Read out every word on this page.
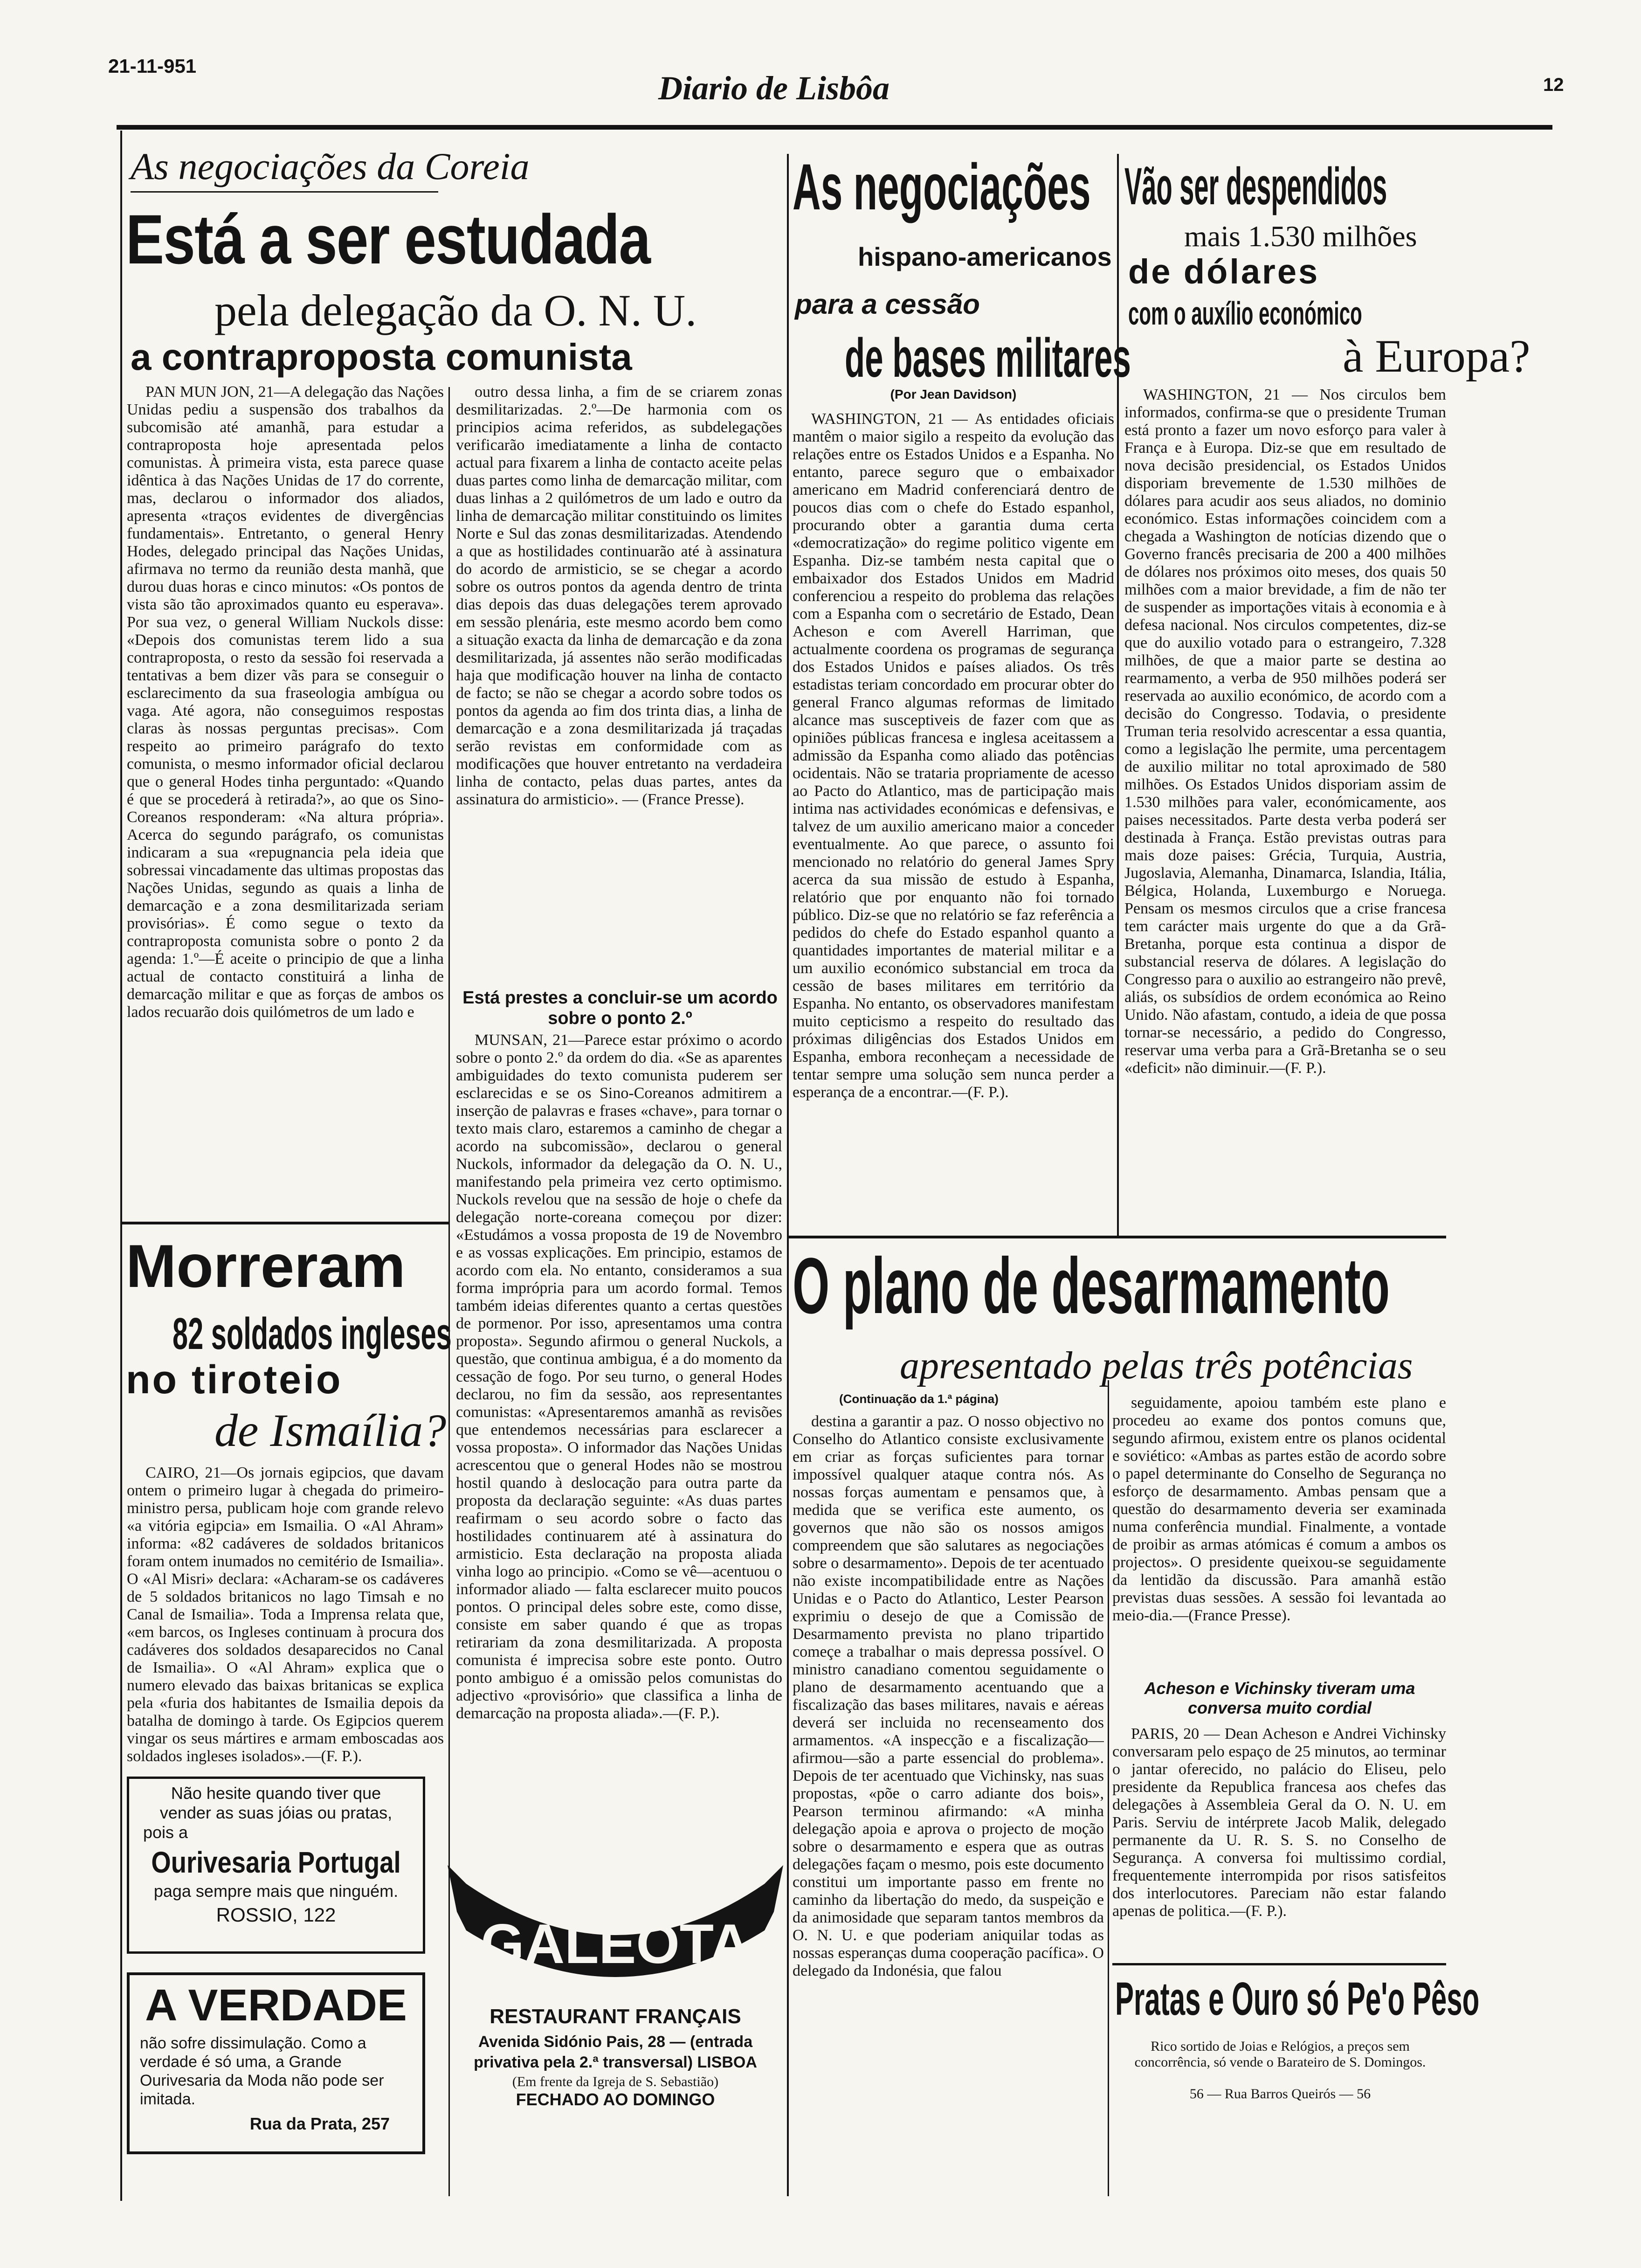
21-11-951
Diario de Lisbôa	12
As negociações da Coreia
Está a ser estudada
pela delegação da O. N. U.
a contraproposta comunista

PAN MUN JON, 21—A delegação das Nações Unidas pediu a suspensão dos trabalhos da subcomisão até amanhã, para estudar a contraproposta hoje apresentada pelos comunistas. À primeira vista, esta parece quase idêntica à das Nações Unidas de 17 do corrente, mas, declarou o informador dos aliados, apresenta «traços evidentes de divergências fundamentais». Entretanto, o general Henry Hodes, delegado principal das Nações Unidas, afirmava no termo da reunião desta manhã, que durou duas horas e cinco minutos: «Os pontos de vista são tão aproximados quanto eu esperava». Por sua vez, o general William Nuckols disse: «Depois dos comunistas terem lido a sua contraproposta, o resto da sessão foi reservada a tentativas a bem dizer vãs para se conseguir o esclarecimento da sua fraseologia ambígua ou vaga. Até agora, não conseguimos respostas claras às nossas perguntas precisas». Com respeito ao primeiro parágrafo do texto comunista, o mesmo informador oficial declarou que o general Hodes tinha perguntado: «Quando é que se procederá à retirada?», ao que os Sino-Coreanos responderam: «Na altura própria». Acerca do segundo parágrafo, os comunistas indicaram a sua «repugnancia pela ideia que sobressai vincadamente das ultimas propostas das Nações Unidas, segundo as quais a linha de demarcação e a zona desmilitarizada seriam provisórias». É como segue o texto da contraproposta comunista sobre o ponto 2 da agenda: 1.º—É aceite o principio de que a linha actual de contacto constituirá a linha de demarcação militar e que as forças de ambos os lados recuarão dois quilómetros de um lado e

outro dessa linha, a fim de se criarem zonas desmilitarizadas. 2.º—De harmonia com os principios acima referidos, as subdelegações verificarão imediatamente a linha de contacto actual para fixarem a linha de contacto aceite pelas duas partes como linha de demarcação militar, com duas linhas a 2 quilómetros de um lado e outro da linha de demarcação militar constituindo os limites Norte e Sul das zonas desmilitarizadas. Atendendo a que as hostilidades continuarão até à assinatura do acordo de armisticio, se se chegar a acordo sobre os outros pontos da agenda dentro de trinta dias depois das duas delegações terem aprovado em sessão plenária, este mesmo acordo bem como a situação exacta da linha de demarcação e da zona desmilitarizada, já assentes não serão modificadas haja que modificação houver na linha de contacto de facto; se não se chegar a acordo sobre todos os pontos da agenda ao fim dos trinta dias, a linha de demarcação e a zona desmilitarizada já traçadas serão revistas em conformidade com as modificações que houver entretanto na verdadeira linha de contacto, pelas duas partes, antes da assinatura do armisticio». — (France Presse).

Está prestes a concluir-se um acordo sobre o ponto 2.º

MUNSAN, 21—Parece estar próximo o acordo sobre o ponto 2.º da ordem do dia. «Se as aparentes ambiguidades do texto comunista puderem ser esclarecidas e se os Sino-Coreanos admitirem a inserção de palavras e frases «chave», para tornar o texto mais claro, estaremos a caminho de chegar a acordo na subcomissão», declarou o general Nuckols, informador da delegação da O. N. U., manifestando pela primeira vez certo optimismo. Nuckols revelou que na sessão de hoje o chefe da delegação norte-coreana começou por dizer: «Estudámos a vossa proposta de 19 de Novembro e as vossas explicações. Em principio, estamos de acordo com ela. No entanto, consideramos a sua forma imprópria para um acordo formal. Temos também ideias diferentes quanto a certas questões de pormenor. Por isso, apresentamos uma contra proposta». Segundo afirmou o general Nuckols, a questão, que continua ambigua, é a do momento da cessação de fogo. Por seu turno, o general Hodes declarou, no fim da sessão, aos representantes comunistas: «Apresentaremos amanhã as revisões que entendemos necessárias para esclarecer a vossa proposta». O informador das Nações Unidas acrescentou que o general Hodes não se mostrou hostil quando à deslocação para outra parte da proposta da declaração seguinte: «As duas partes reafirmam o seu acordo sobre o facto das hostilidades continuarem até à assinatura do armisticio. Esta declaração na proposta aliada vinha logo ao principio. «Como se vê—acentuou o informador aliado — falta esclarecer muito poucos pontos. O principal deles sobre este, como disse, consiste em saber quando é que as tropas retirariam da zona desmilitarizada. A proposta comunista é imprecisa sobre este ponto. Outro ponto ambiguo é a omissão pelos comunistas do adjectivo «provisório» que classifica a linha de demarcação na proposta aliada».—(F. P.).

Morreram
82 soldados ingleses
no tiroteio
de Ismaília?

CAIRO, 21—Os jornais egipcios, que davam ontem o primeiro lugar à chegada do primeiro-ministro persa, publicam hoje com grande relevo «a vitória egipcia» em Ismailia. O «Al Ahram» informa: «82 cadáveres de soldados britanicos foram ontem inumados no cemitério de Ismailia». O «Al Misri» declara: «Acharam-se os cadáveres de 5 soldados britanicos no lago Timsah e no Canal de Ismailia». Toda a Imprensa relata que, «em barcos, os Ingleses continuam à procura dos cadáveres dos soldados desaparecidos no Canal de Ismailia». O «Al Ahram» explica que o numero elevado das baixas britanicas se explica pela «furia dos habitantes de Ismailia depois da batalha de domingo à tarde. Os Egipcios querem vingar os seus mártires e armam emboscadas aos soldados ingleses isolados».—(F. P.).

Não hesite quando tiver que
vender as suas jóias ou pratas,
pois a
Ourivesaria Portugal
paga sempre mais que ninguém.
ROSSIO, 122
A VERDADE
não sofre dissimulação. Como a verdade é só uma, a Grande Ourivesaria da Moda não pode ser imitada.
Rua da Prata, 257
GALEOTA
RESTAURANT FRANÇAIS
Avenida Sidónio Pais, 28 — (entrada
privativa pela 2.ª transversal) LISBOA
(Em frente da Igreja de S. Sebastião)
FECHADO AO DOMINGO
As negociações
hispano-americanos
para a cessão
de bases militares
(Por Jean Davidson)

WASHINGTON, 21 — As entidades oficiais mantêm o maior sigilo a respeito da evolução das relações entre os Estados Unidos e a Espanha. No entanto, parece seguro que o embaixador americano em Madrid conferenciará dentro de poucos dias com o chefe do Estado espanhol, procurando obter a garantia duma certa «democratização» do regime politico vigente em Espanha. Diz-se também nesta capital que o embaixador dos Estados Unidos em Madrid conferenciou a respeito do problema das relações com a Espanha com o secretário de Estado, Dean Acheson e com Averell Harriman, que actualmente coordena os programas de segurança dos Estados Unidos e países aliados. Os três estadistas teriam concordado em procurar obter do general Franco algumas reformas de limitado alcance mas susceptiveis de fazer com que as opiniões públicas francesa e inglesa aceitassem a admissão da Espanha como aliado das potências ocidentais. Não se trataria propriamente de acesso ao Pacto do Atlantico, mas de participação mais intima nas actividades económicas e defensivas, e talvez de um auxilio americano maior a conceder eventualmente. Ao que parece, o assunto foi mencionado no relatório do general James Spry acerca da sua missão de estudo à Espanha, relatório que por enquanto não foi tornado público. Diz-se que no relatório se faz referência a pedidos do chefe do Estado espanhol quanto a quantidades importantes de material militar e a um auxilio económico substancial em troca da cessão de bases militares em território da Espanha. No entanto, os observadores manifestam muito cepticismo a respeito do resultado das próximas diligências dos Estados Unidos em Espanha, embora reconheçam a necessidade de tentar sempre uma solução sem nunca perder a esperança de a encontrar.—(F. P.).

Vão ser despendidos
mais 1.530 milhões
de dólares
com o auxílio económico
à Europa?

WASHINGTON, 21 — Nos circulos bem informados, confirma-se que o presidente Truman está pronto a fazer um novo esforço para valer à França e à Europa. Diz-se que em resultado de nova decisão presidencial, os Estados Unidos disporiam brevemente de 1.530 milhões de dólares para acudir aos seus aliados, no dominio económico. Estas informações coincidem com a chegada a Washington de notícias dizendo que o Governo francês precisaria de 200 a 400 milhões de dólares nos próximos oito meses, dos quais 50 milhões com a maior brevidade, a fim de não ter de suspender as importações vitais à economia e à defesa nacional. Nos circulos competentes, diz-se que do auxilio votado para o estrangeiro, 7.328 milhões, de que a maior parte se destina ao rearmamento, a verba de 950 milhões poderá ser reservada ao auxilio económico, de acordo com a decisão do Congresso. Todavia, o presidente Truman teria resolvido acrescentar a essa quantia, como a legislação lhe permite, uma percentagem de auxilio militar no total aproximado de 580 milhões. Os Estados Unidos disporiam assim de 1.530 milhões para valer, económicamente, aos paises necessitados. Parte desta verba poderá ser destinada à França. Estão previstas outras para mais doze paises: Grécia, Turquia, Austria, Jugoslavia, Alemanha, Dinamarca, Islandia, Itália, Bélgica, Holanda, Luxemburgo e Noruega. Pensam os mesmos circulos que a crise francesa tem carácter mais urgente do que a da Grã-Bretanha, porque esta continua a dispor de substancial reserva de dólares. A legislação do Congresso para o auxilio ao estrangeiro não prevê, aliás, os subsídios de ordem económica ao Reino Unido. Não afastam, contudo, a ideia de que possa tornar-se necessário, a pedido do Congresso, reservar uma verba para a Grã-Bretanha se o seu «deficit» não diminuir.—(F. P.).

O plano de desarmamento
apresentado pelas três potências
(Continuação da 1.ª página)

destina a garantir a paz. O nosso objectivo no Conselho do Atlantico consiste exclusivamente em criar as forças suficientes para tornar impossível qualquer ataque contra nós. As nossas forças aumentam e pensamos que, à medida que se verifica este aumento, os governos que não são os nossos amigos compreendem que são salutares as negociações sobre o desarmamento». Depois de ter acentuado não existe incompatibilidade entre as Nações Unidas e o Pacto do Atlantico, Lester Pearson exprimiu o desejo de que a Comissão de Desarmamento prevista no plano tripartido começe a trabalhar o mais depressa possível. O ministro canadiano comentou seguidamente o plano de desarmamento acentuando que a fiscalização das bases militares, navais e aéreas deverá ser incluida no recenseamento dos armamentos. «A inspecção e a fiscalização—afirmou—são a parte essencial do problema». Depois de ter acentuado que Vichinsky, nas suas propostas, «põe o carro adiante dos bois», Pearson terminou afirmando: «A minha delegação apoia e aprova o projecto de moção sobre o desarmamento e espera que as outras delegações façam o mesmo, pois este documento constitui um importante passo em frente no caminho da libertação do medo, da suspeição e da animosidade que separam tantos membros da O. N. U. e que poderiam aniquilar todas as nossas esperanças duma cooperação pacífica». O delegado da Indonésia, que falou

seguidamente, apoiou também este plano e procedeu ao exame dos pontos comuns que, segundo afirmou, existem entre os planos ocidental e soviético: «Ambas as partes estão de acordo sobre o papel determinante do Conselho de Segurança no esforço de desarmamento. Ambas pensam que a questão do desarmamento deveria ser examinada numa conferência mundial. Finalmente, a vontade de proibir as armas atómicas é comum a ambos os projectos». O presidente queixou-se seguidamente da lentidão da discussão. Para amanhã estão previstas duas sessões. A sessão foi levantada ao meio-dia.—(France Presse).

Acheson e Vichinsky tiveram uma conversa muito cordial

PARIS, 20 — Dean Acheson e Andrei Vichinsky conversaram pelo espaço de 25 minutos, ao terminar o jantar oferecido, no palácio do Eliseu, pelo presidente da Republica francesa aos chefes das delegações à Assembleia Geral da O. N. U. em Paris. Serviu de intérprete Jacob Malik, delegado permanente da U. R. S. S. no Conselho de Segurança. A conversa foi multissimo cordial, frequentemente interrompida por risos satisfeitos dos interlocutores. Pareciam não estar falando apenas de politica.—(F. P.).

Pratas e Ouro só Pe'o Pêso
Rico sortido de Joias e Relógios, a preços sem concorrência, só vende o Barateiro de S. Domingos.
56 — Rua Barros Queirós — 56
